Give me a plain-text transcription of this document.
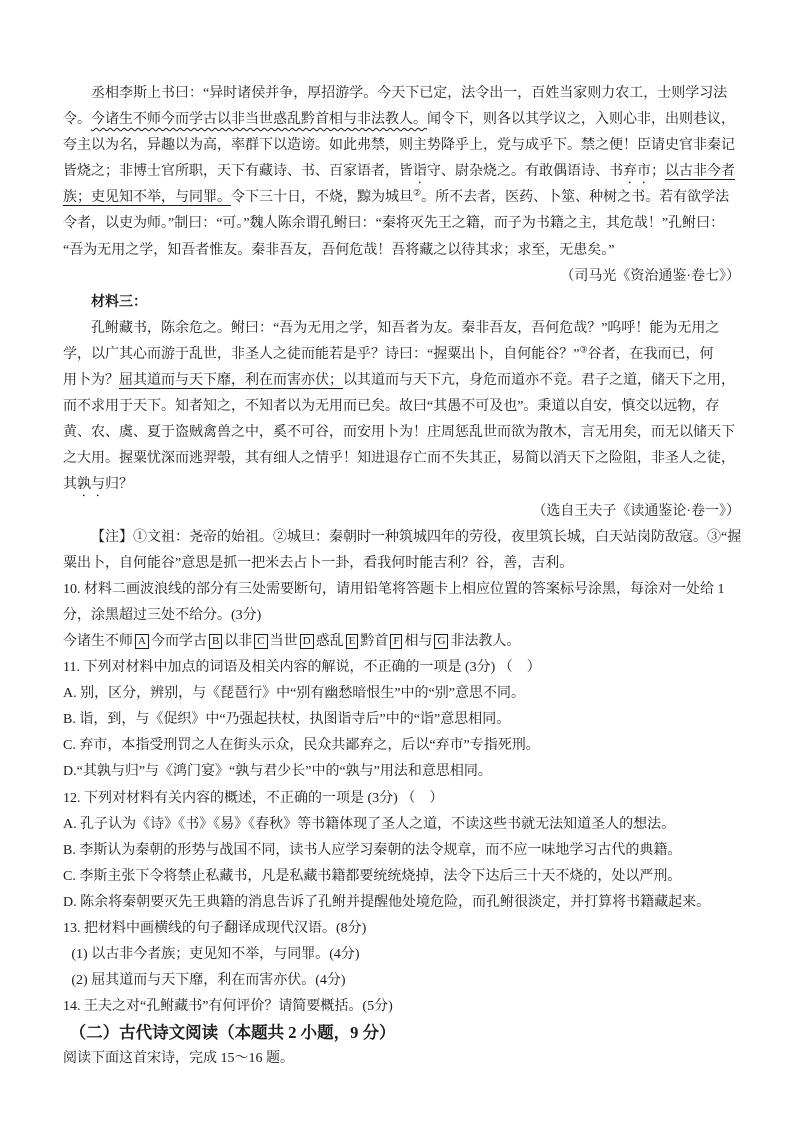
丞相李斯上书曰：“异时诸侯并争，厚招游学。今天下已定，法令出一，百姓当家则力农工，士则学习法
令。今诸生不师今而学古以非当世惑乱黔首相与非法教人。闻令下，则各以其学议之，入则心非，出则巷议，
夸主以为名，异趣以为高，率群下以造谤。如此弗禁，则主势降乎上，党与成乎下。禁之便！臣请史官非秦记
皆烧之；非博士官所职，天下有藏诗、书、百家语者，皆诣守、尉杂烧之。有敢偶语诗、书弃市；以古非今者
族；吏见知不举，与同罪。令下三十日，不烧，黥为城旦②。所不去者，医药、卜筮、种树之书。若有欲学法
令者，以吏为师。”制曰：“可。”魏人陈余谓孔鲋曰：“秦将灭先王之籍，而子为书籍之主，其危哉！”孔鲋曰：
“吾为无用之学，知吾者惟友。秦非吾友，吾何危哉！吾将藏之以待其求；求至，无患矣。”
（司马光《资治通鉴·卷七》）
材料三：
孔鲋藏书，陈余危之。鲋曰：“吾为无用之学，知吾者为友。秦非吾友，吾何危哉？”呜呼！能为无用之
学，以广其心而游于乱世，非圣人之徒而能若是乎？诗曰：“握粟出卜，自何能谷？”③谷者，在我而已，何
用卜为？屈其道而与天下靡，利在而害亦伏；以其道而与天下亢，身危而道亦不竞。君子之道，储天下之用，
而不求用于天下。知者知之，不知者以为无用而已矣。故曰“其愚不可及也”。秉道以自安，慎交以远物，存
黄、农、虞、夏于盗贼禽兽之中，奚不可谷，而安用卜为！庄周惩乱世而欲为散木，言无用矣，而无以储天下
之大用。握粟忧深而逃羿彀，其有细人之情乎！知进退存亡而不失其正，易简以消天下之险阻，非圣人之徒，
其孰与归？
（选自王夫子《读通鉴论·卷一》）
【注】①文祖：尧帝的始祖。②城旦：秦朝时一种筑城四年的劳役，夜里筑长城，白天站岗防敌寇。③“握
粟出卜，自何能谷”意思是抓一把米去占卜一卦，看我何时能吉利？谷，善，吉利。
10. 材料二画波浪线的部分有三处需要断句，请用铅笔将答题卡上相应位置的答案标号涂黑，每涂对一处给 1
分，涂黑超过三处不给分。(3分)
今诸生不师 A 今而学古 B 以非 C 当世 D 惑乱 E 黔首 F 相与 G 非法教人。
11. 下列对材料中加点的词语及相关内容的解说，不正确的一项是 (3分) （　）
A. 别，区分，辨别，与《琵琶行》中“别有幽愁暗恨生”中的“别”意思不同。
B. 诣，到，与《促织》中“乃强起扶杖，执图诣寺后”中的“诣”意思相同。
C. 弃市，本指受刑罚之人在街头示众，民众共鄙弃之，后以“弃市”专指死刑。
D.“其孰与归”与《鸿门宴》“孰与君少长”中的“孰与”用法和意思相同。
12. 下列对材料有关内容的概述，不正确的一项是 (3分) （　）
A. 孔子认为《诗》《书》《易》《春秋》等书籍体现了圣人之道，不读这些书就无法知道圣人的想法。
B. 李斯认为秦朝的形势与战国不同，读书人应学习秦朝的法令规章，而不应一味地学习古代的典籍。
C. 李斯主张下令将禁止私藏书，凡是私藏书籍都要统统烧掉，法令下达后三十天不烧的，处以严刑。
D. 陈余将秦朝要灭先王典籍的消息告诉了孔鲋并提醒他处境危险，而孔鲋很淡定，并打算将书籍藏起来。
13. 把材料中画横线的句子翻译成现代汉语。(8分)
(1) 以古非今者族；吏见知不举，与同罪。(4分)
(2) 屈其道而与天下靡，利在而害亦伏。(4分)
14. 王夫之对“孔鲋藏书”有何评价？请简要概括。(5分)
（二）古代诗文阅读（本题共 2 小题，9 分）
阅读下面这首宋诗，完成 15～16 题。
